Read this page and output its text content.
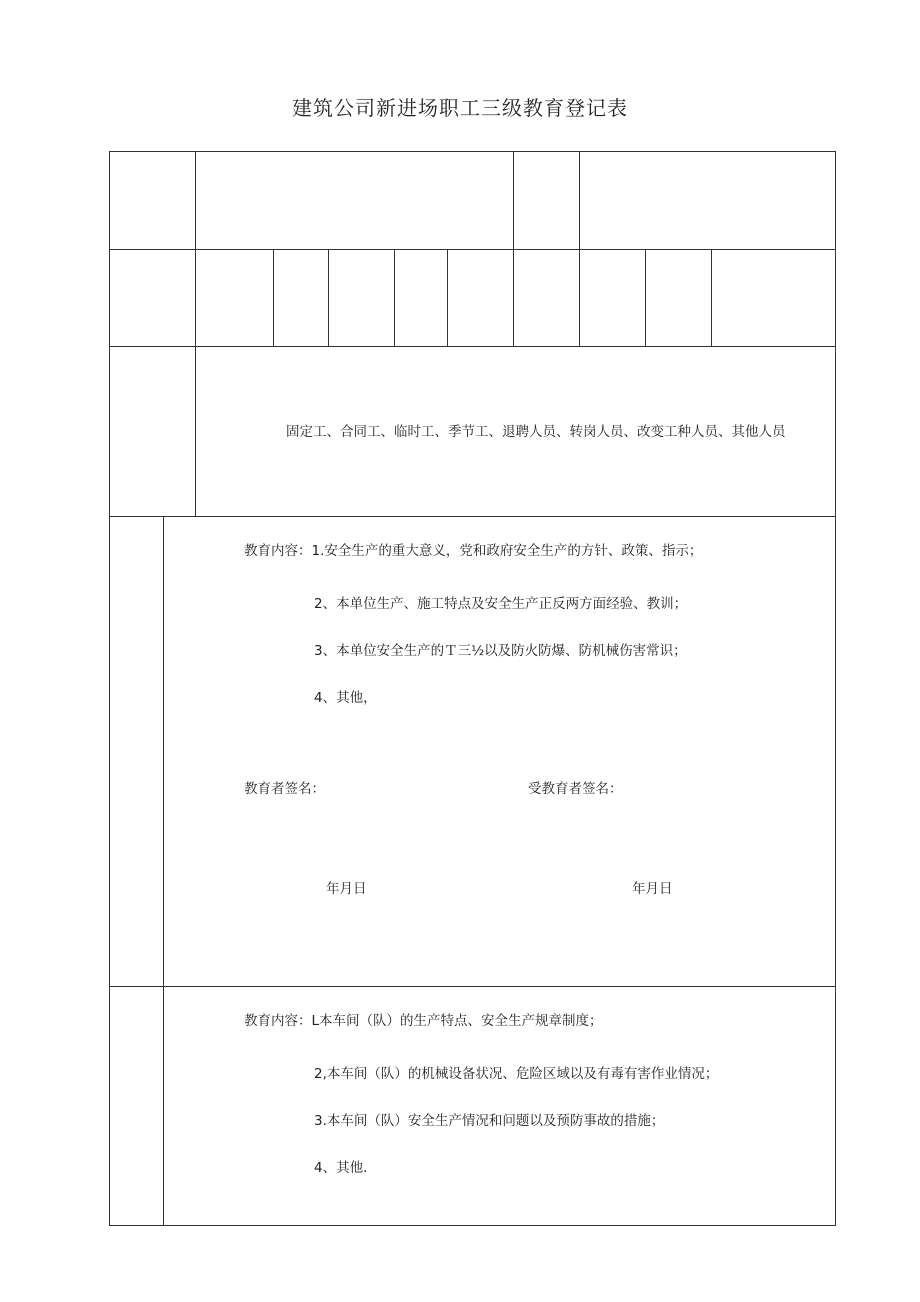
建筑公司新进场职工三级教育登记表
固定工、合同工、临时工、季节工、退聘人员、转岗人员、改变工种人员、其他人员
教育内容：1.安全生产的重大意义，党和政府安全生产的方针、政策、指示；
2、本单位生产、施工特点及安全生产正反两方面经验、教训；
3、本单位安全生产的Ｔ三½以及防火防爆、防机械伤害常识；
4、其他，
教育者签名：	受教育者签名：
年月日	年月日
教育内容：L本车间（队）的生产特点、安全生产规章制度；
2,本车间（队）的机械设备状况、危险区域以及有毒有害作业情况；
3.本车间（队）安全生产情况和问题以及预防事故的措施；
4、其他.
